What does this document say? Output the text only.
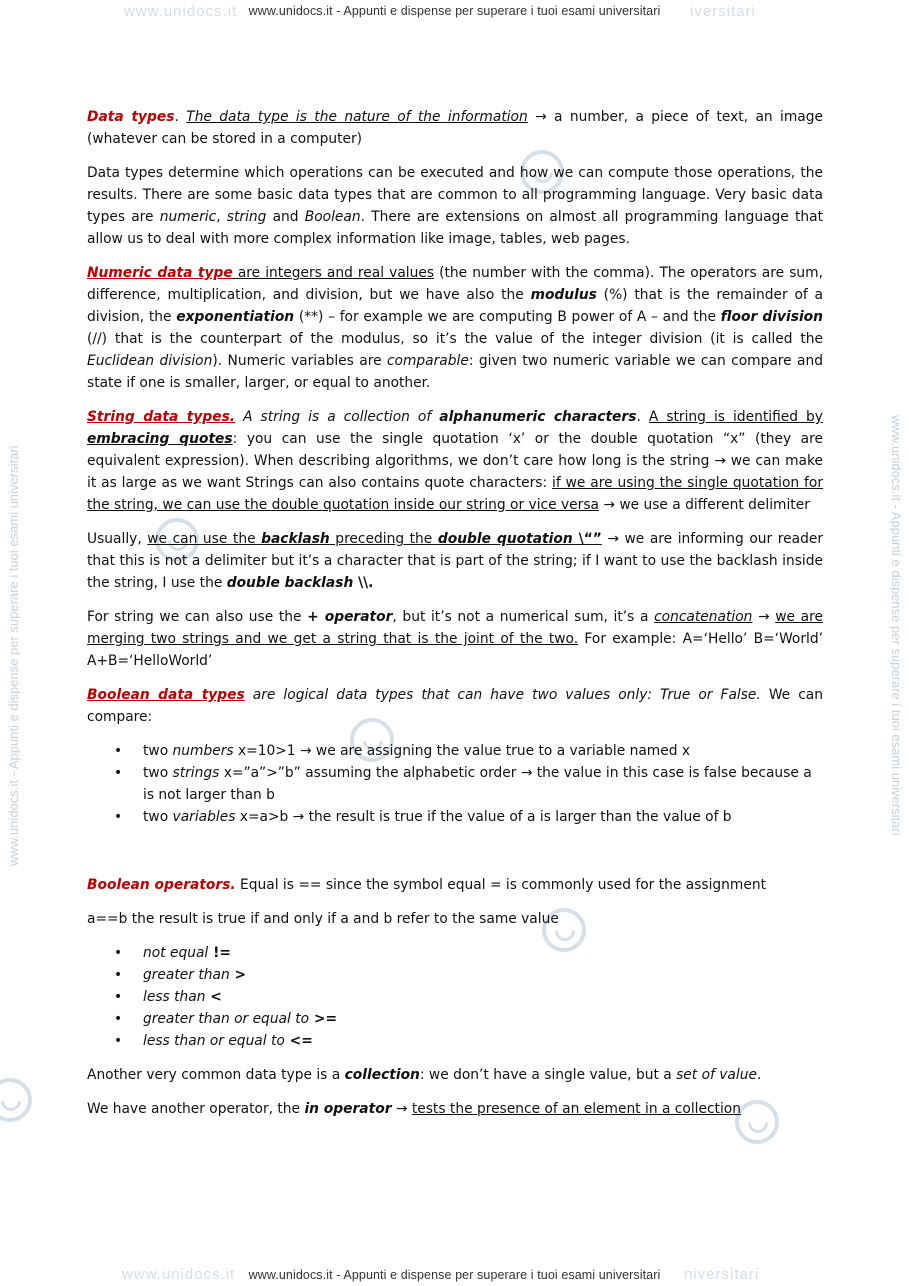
www.unidocs.it	iversitari
www.unidocs.it - Appunti e dispense per superare i tuoi esami universitari
www.unidocs.it	niversitari
www.unidocs.it - Appunti e dispense per superare i tuoi esami universitari
www.unidocs.it - Appunti e dispense per superare i tuoi esami universitari	www.unidocs.it - Appunti e dispense per superare i tuoi esami universitari

Data types. The data type is the nature of the information → a number, a piece of text, an image (whatever can be stored in a computer)

Data types determine which operations can be executed and how we can compute those operations, the results. There are some basic data types that are common to all programming language. Very basic data types are numeric, string and Boolean. There are extensions on almost all programming language that allow us to deal with more complex information like image, tables, web pages.

Numeric data type are integers and real values (the number with the comma). The operators are sum, difference, multiplication, and division, but we have also the modulus (%) that is the remainder of a division, the exponentiation (**) – for example we are computing B power of A – and the floor division (//) that is the counterpart of the modulus, so it’s the value of the integer division (it is called the Euclidean division). Numeric variables are comparable: given two numeric variable we can compare and state if one is smaller, larger, or equal to another.

String data types. A string is a collection of alphanumeric characters. A string is identified by embracing quotes: you can use the single quotation ‘x’ or the double quotation “x” (they are equivalent expression). When describing algorithms, we don’t care how long is the string → we can make it as large as we want Strings can also contains quote characters: if we are using the single quotation for the string, we can use the double quotation inside our string or vice versa → we use a different delimiter

Usually, we can use the backlash preceding the double quotation \“” → we are informing our reader that this is not a delimiter but it’s a character that is part of the string; if I want to use the backlash inside the string, I use the double backlash \\.

For string we can also use the + operator, but it’s not a numerical sum, it’s a concatenation → we are merging two strings and we get a string that is the joint of the two. For example: A=‘Hello’ B=‘World’ A+B=‘HelloWorld’

Boolean data types are logical data types that can have two values only: True or False. We can compare:

• two numbers x=10>1 → we are assigning the value true to a variable named x
• two strings x=”a”>”b” assuming the alphabetic order → the value in this case is false because a is not larger than b
• two variables x=a>b → the result is true if the value of a is larger than the value of b

Boolean operators. Equal is == since the symbol equal = is commonly used for the assignment

a==b the result is true if and only if a and b refer to the same value

• not equal !=
• greater than >
• less than <
• greater than or equal to >=
• less than or equal to <=

Another very common data type is a collection: we don’t have a single value, but a set of value.

We have another operator, the in operator → tests the presence of an element in a collection
